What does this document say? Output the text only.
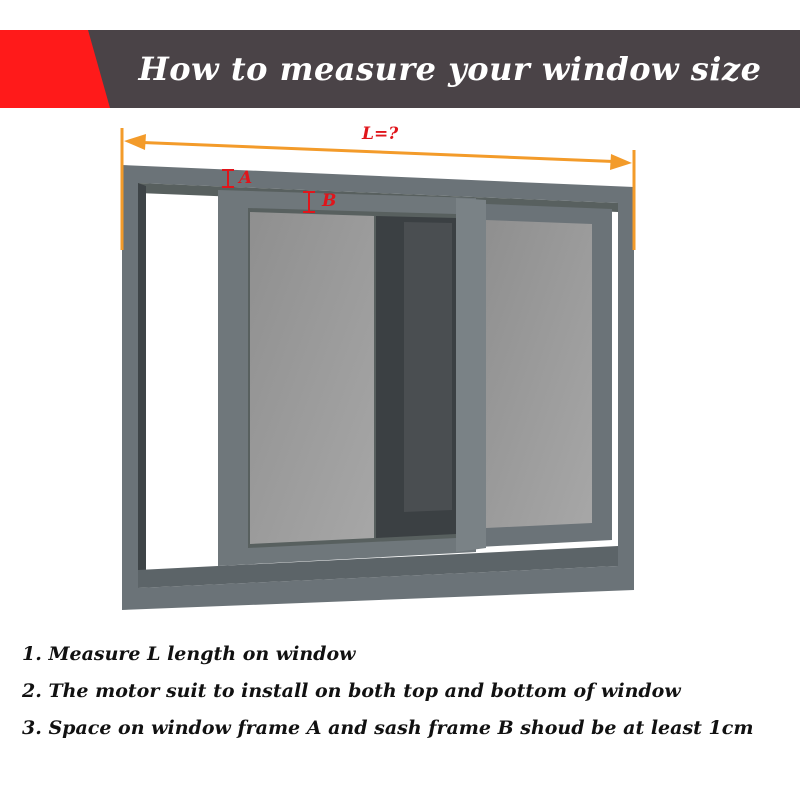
How to measure your window size
L=?
A
B
1. Measure L length on window
2. The motor suit to install on both top and bottom of window
3. Space on window frame A and sash frame B shoud be at least 1cm
